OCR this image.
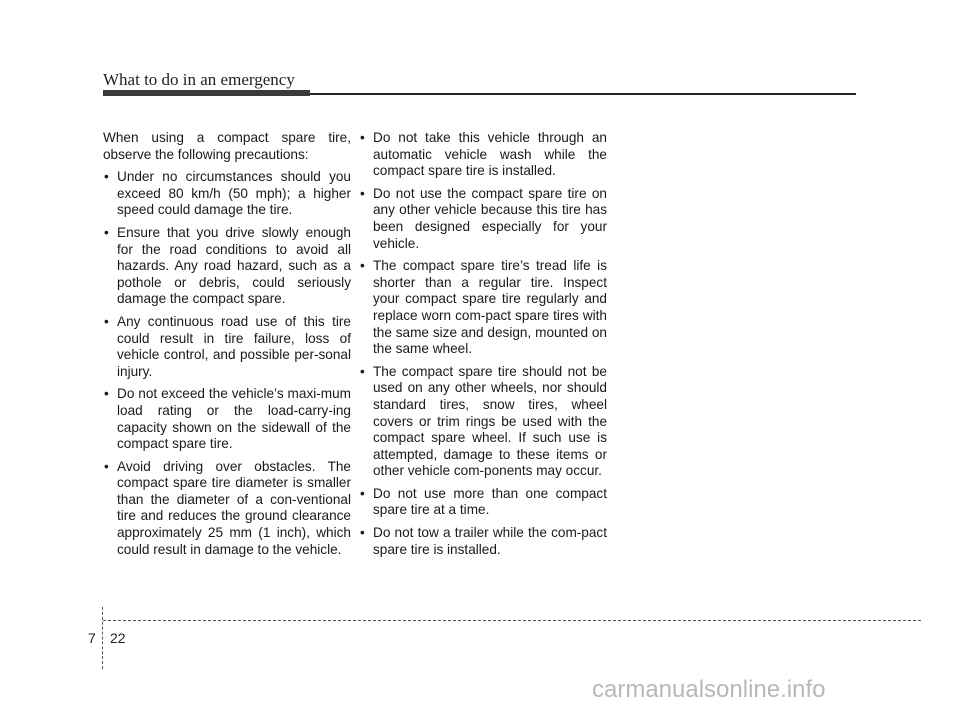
What to do in an emergency

When using a compact spare tire, observe the following precautions:

• Under no circumstances should you exceed 80 km/h (50 mph); a higher speed could damage the tire.
• Ensure that you drive slowly enough for the road conditions to avoid all hazards. Any road hazard, such as a pothole or debris, could seriously damage the compact spare.
• Any continuous road use of this tire could result in tire failure, loss of vehicle control, and possible per-sonal injury.
• Do not exceed the vehicle’s maxi-mum load rating or the load-carry-ing capacity shown on the sidewall of the compact spare tire.
• Avoid driving over obstacles. The compact spare tire diameter is smaller than the diameter of a con-ventional tire and reduces the ground clearance approximately 25 mm (1 inch), which could result in damage to the vehicle.
• Do not take this vehicle through an automatic vehicle wash while the compact spare tire is installed.
• Do not use the compact spare tire on any other vehicle because this tire has been designed especially for your vehicle.
• The compact spare tire’s tread life is shorter than a regular tire. Inspect your compact spare tire regularly and replace worn com-pact spare tires with the same size and design, mounted on the same wheel.
• The compact spare tire should not be used on any other wheels, nor should standard tires, snow tires, wheel covers or trim rings be used with the compact spare wheel. If such use is attempted, damage to these items or other vehicle com-ponents may occur.
• Do not use more than one compact spare tire at a time.
• Do not tow a trailer while the com-pact spare tire is installed.
7 22
carmanualsonline.info
